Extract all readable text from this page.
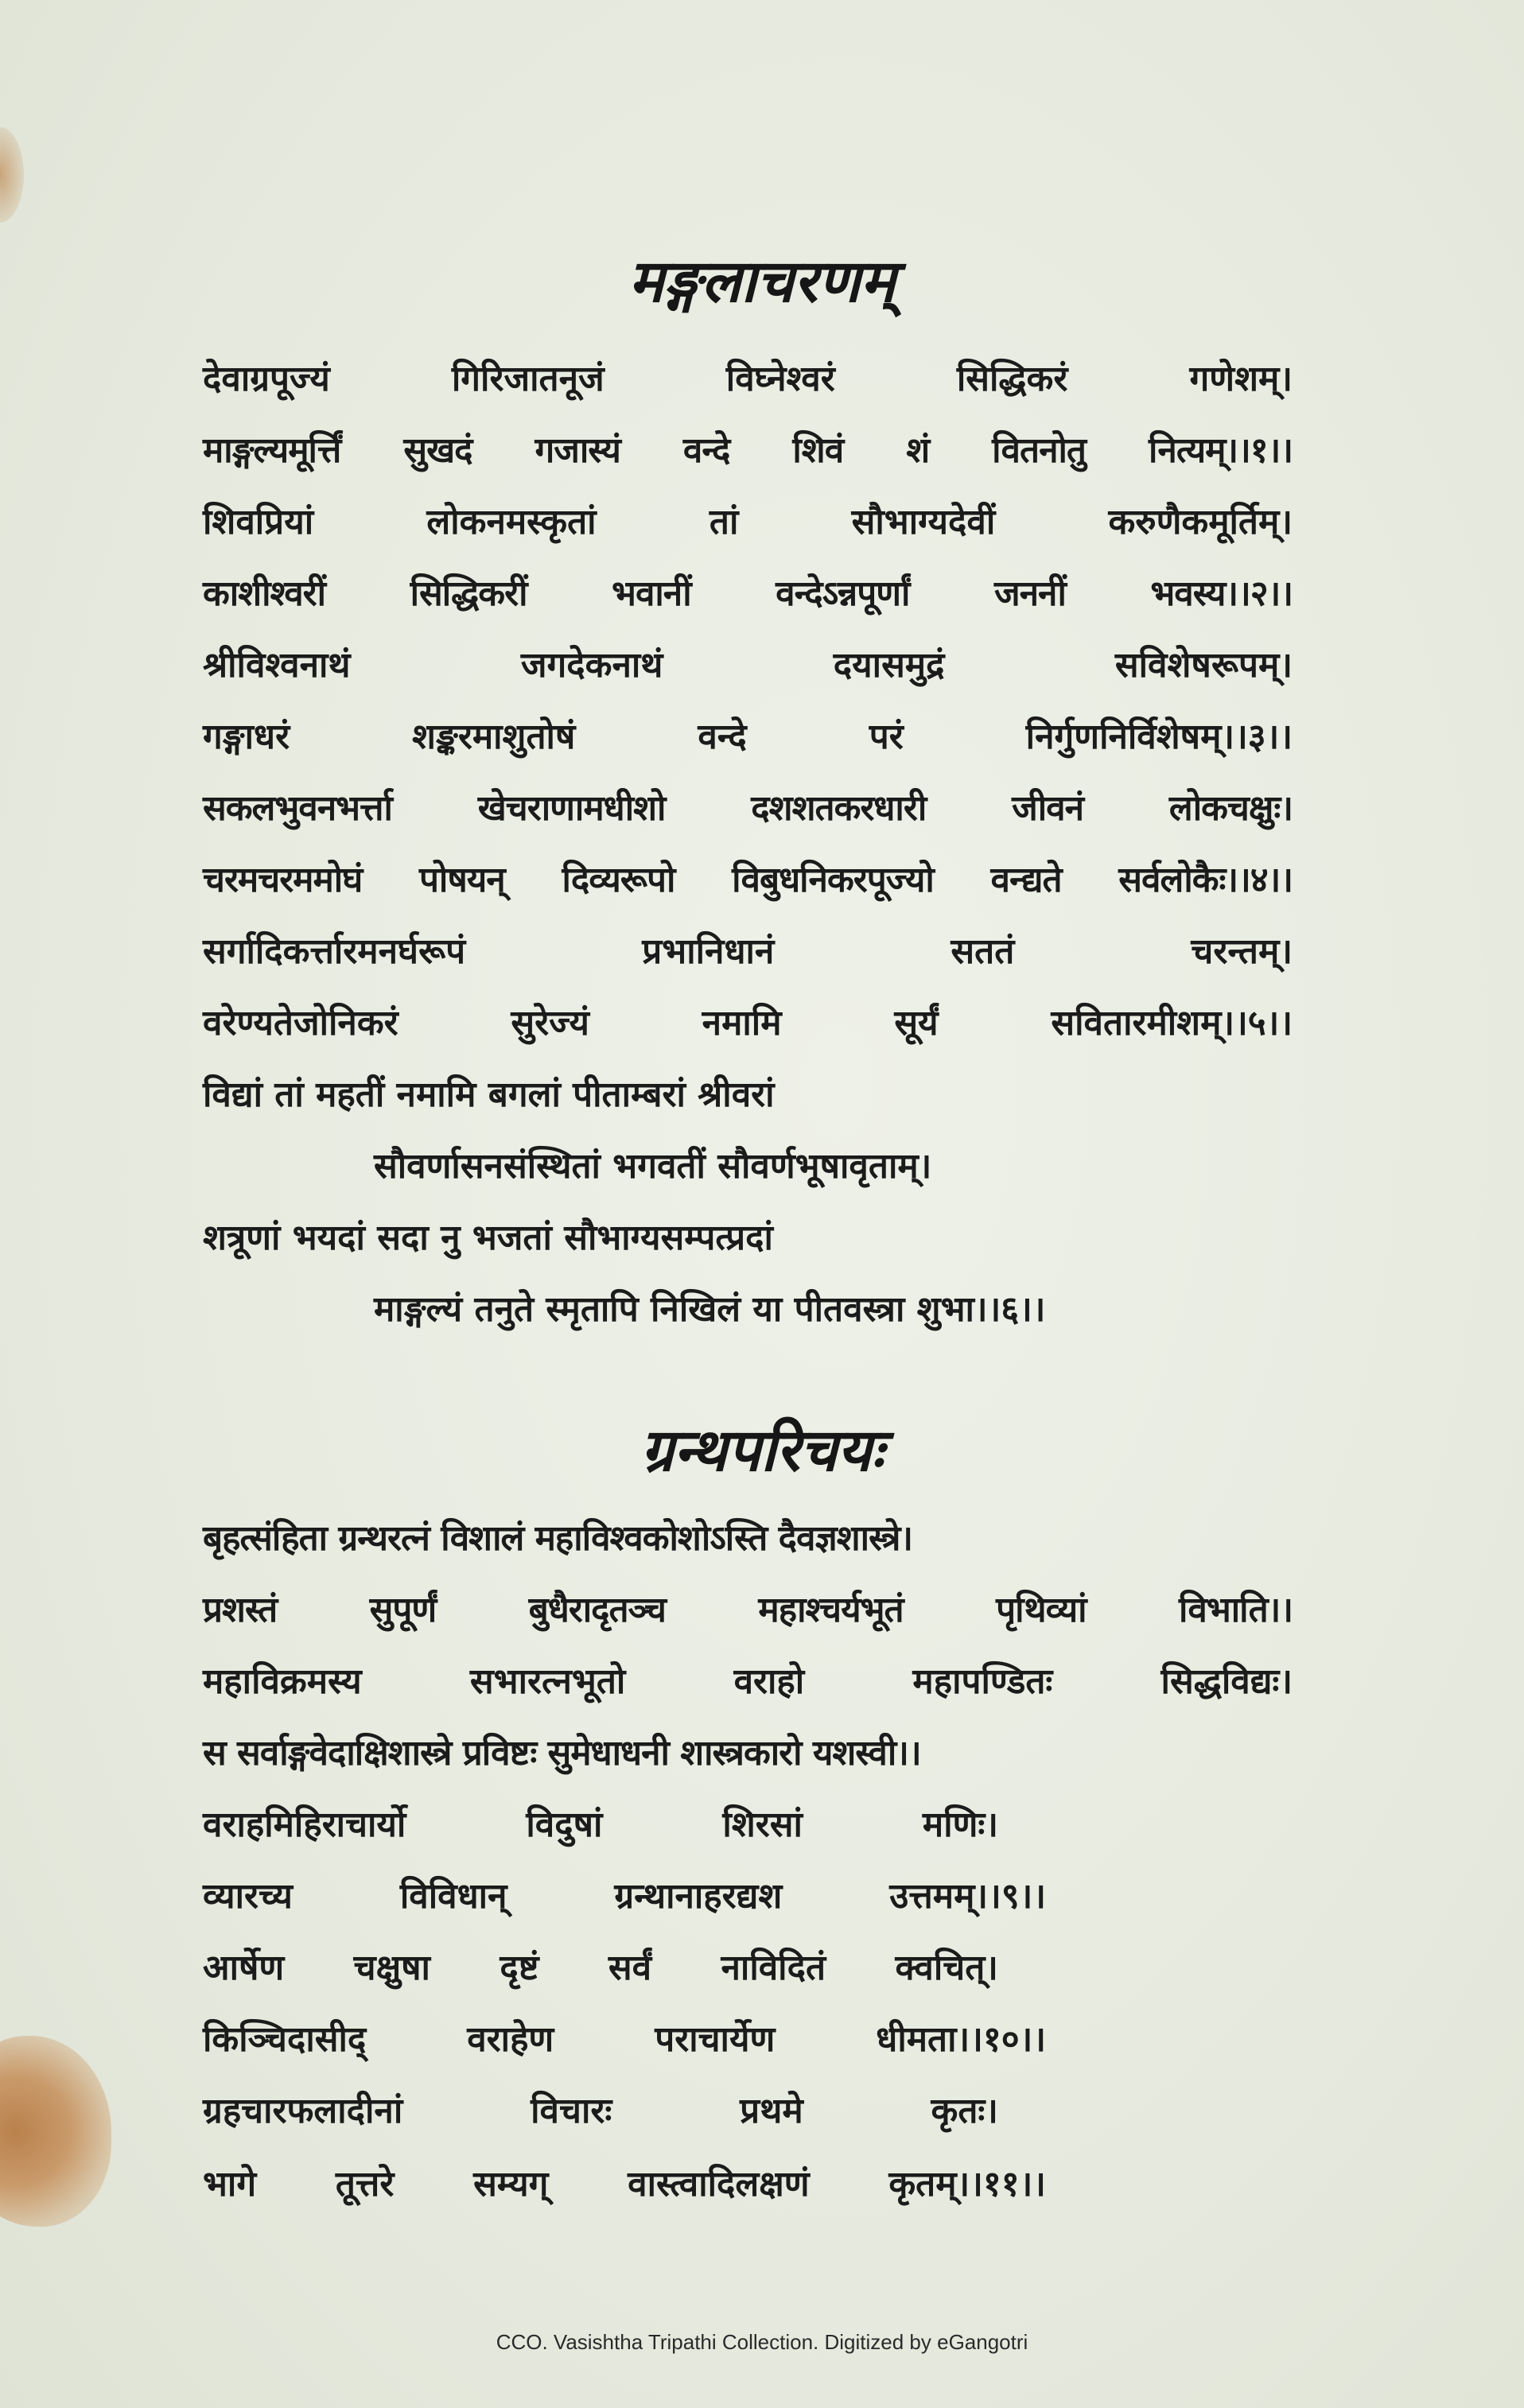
मङ्गलाचरणम्
देवाग्रपूज्यं गिरिजातनूजं विघ्नेश्वरं सिद्धिकरं गणेशम्।
माङ्गल्यमूर्त्तिं सुखदं गजास्यं वन्दे शिवं शं वितनोतु नित्यम्।।१।।
शिवप्रियां लोकनमस्कृतां तां सौभाग्यदेवीं करुणैकमूर्तिम्।
काशीश्वरीं सिद्धिकरीं भवानीं वन्देऽन्नपूर्णां जननीं भवस्य।।२।।
श्रीविश्वनाथं जगदेकनाथं दयासमुद्रं सविशेषरूपम्।
गङ्गाधरं शङ्करमाशुतोषं वन्दे परं निर्गुणनिर्विशेषम्।।३।।
सकलभुवनभर्त्ता खेचराणामधीशो दशशतकरधारी जीवनं लोकचक्षुः।
चरमचरममोघं पोषयन् दिव्यरूपो विबुधनिकरपूज्यो वन्द्यते सर्वलोकैः।।४।।
सर्गादिकर्त्तारमनर्घरूपं प्रभानिधानं सततं चरन्तम्।
वरेण्यतेजोनिकरं सुरेज्यं नमामि सूर्यं सवितारमीशम्।।५।।
विद्यां तां महतीं नमामि बगलां पीताम्बरां श्रीवरां
सौवर्णासनसंस्थितां भगवतीं सौवर्णभूषावृताम्।
शत्रूणां भयदां सदा नु भजतां सौभाग्यसम्पत्प्रदां
माङ्गल्यं तनुते स्मृतापि निखिलं या पीतवस्त्रा शुभा।।६।।
ग्रन्थपरिचयः
बृहत्संहिता ग्रन्थरत्नं विशालं महाविश्वकोशोऽस्ति दैवज्ञशास्त्रे।
प्रशस्तं सुपूर्णं बुधैरादृतञ्च महाश्चर्यभूतं पृथिव्यां विभाति।।
महाविक्रमस्य सभारत्नभूतो वराहो महापण्डितः सिद्धविद्यः।
स सर्वाङ्गवेदाक्षिशास्त्रे प्रविष्टः सुमेधाधनी शास्त्रकारो यशस्वी।।
वराहमिहिराचार्यो विदुषां शिरसां मणिः।
व्यारच्य विविधान् ग्रन्थानाहरद्यश उत्तमम्।।९।।
आर्षेण चक्षुषा दृष्टं सर्वं नाविदितं क्वचित्।
किञ्चिदासीद् वराहेण पराचार्येण धीमता।।१०।।
ग्रहचारफलादीनां विचारः प्रथमे कृतः।
भागे तूत्तरे सम्यग् वास्त्वादिलक्षणं कृतम्।।११।।
CCO. Vasishtha Tripathi Collection. Digitized by eGangotri
